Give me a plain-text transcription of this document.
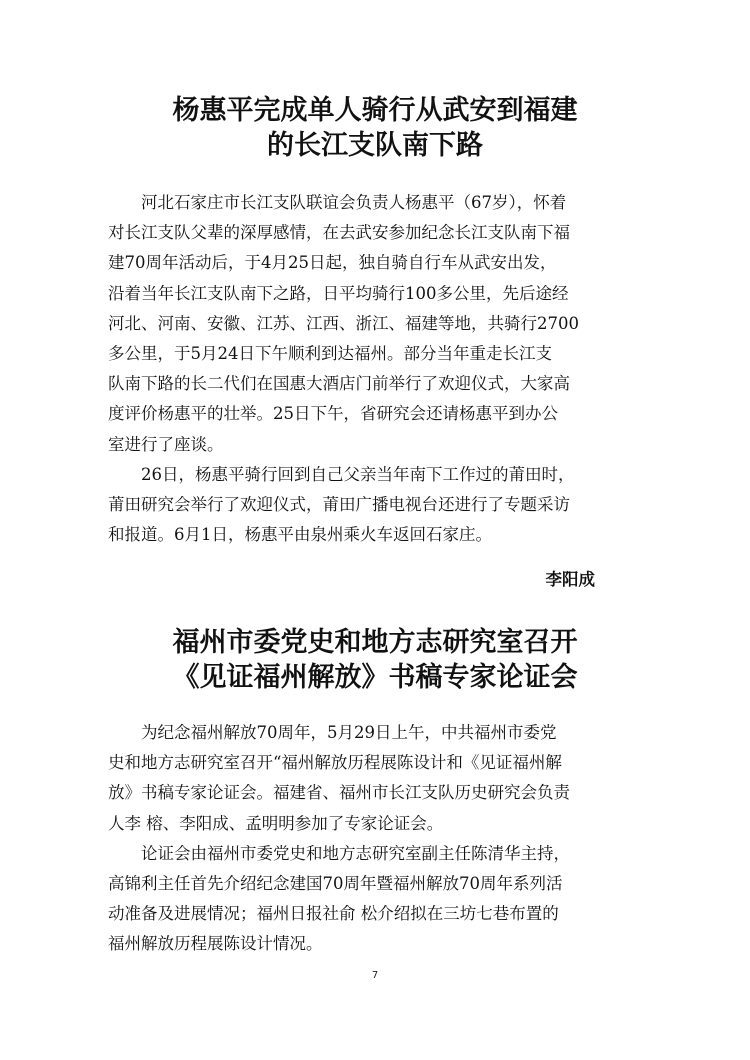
杨惠平完成单人骑行从武安到福建
的长江支队南下路
　　河北石家庄市长江支队联谊会负责人杨惠平（67岁），怀着
对长江支队父辈的深厚感情，在去武安参加纪念长江支队南下福
建70周年活动后，于4月25日起，独自骑自行车从武安出发，
沿着当年长江支队南下之路，日平均骑行100多公里，先后途经
河北、河南、安徽、江苏、江西、浙江、福建等地，共骑行2700
多公里，于5月24日下午顺利到达福州。部分当年重走长江支
队南下路的长二代们在国惠大酒店门前举行了欢迎仪式，大家高
度评价杨惠平的壮举。25日下午，省研究会还请杨惠平到办公
室进行了座谈。
　　26日，杨惠平骑行回到自己父亲当年南下工作过的莆田时，
莆田研究会举行了欢迎仪式，莆田广播电视台还进行了专题采访
和报道。6月1日，杨惠平由泉州乘火车返回石家庄。

李阳成

福州市委党史和地方志研究室召开
《见证福州解放》书稿专家论证会
　　为纪念福州解放70周年，5月29日上午，中共福州市委党
史和地方志研究室召开“福州解放历程展陈设计和《见证福州解
放》书稿专家论证会。福建省、福州市长江支队历史研究会负责
人李 榕、李阳成、孟明明参加了专家论证会。
　　论证会由福州市委党史和地方志研究室副主任陈清华主持，
高锦利主任首先介绍纪念建国70周年暨福州解放70周年系列活
动准备及进展情况；福州日报社俞 松介绍拟在三坊七巷布置的
福州解放历程展陈设计情况。
7
